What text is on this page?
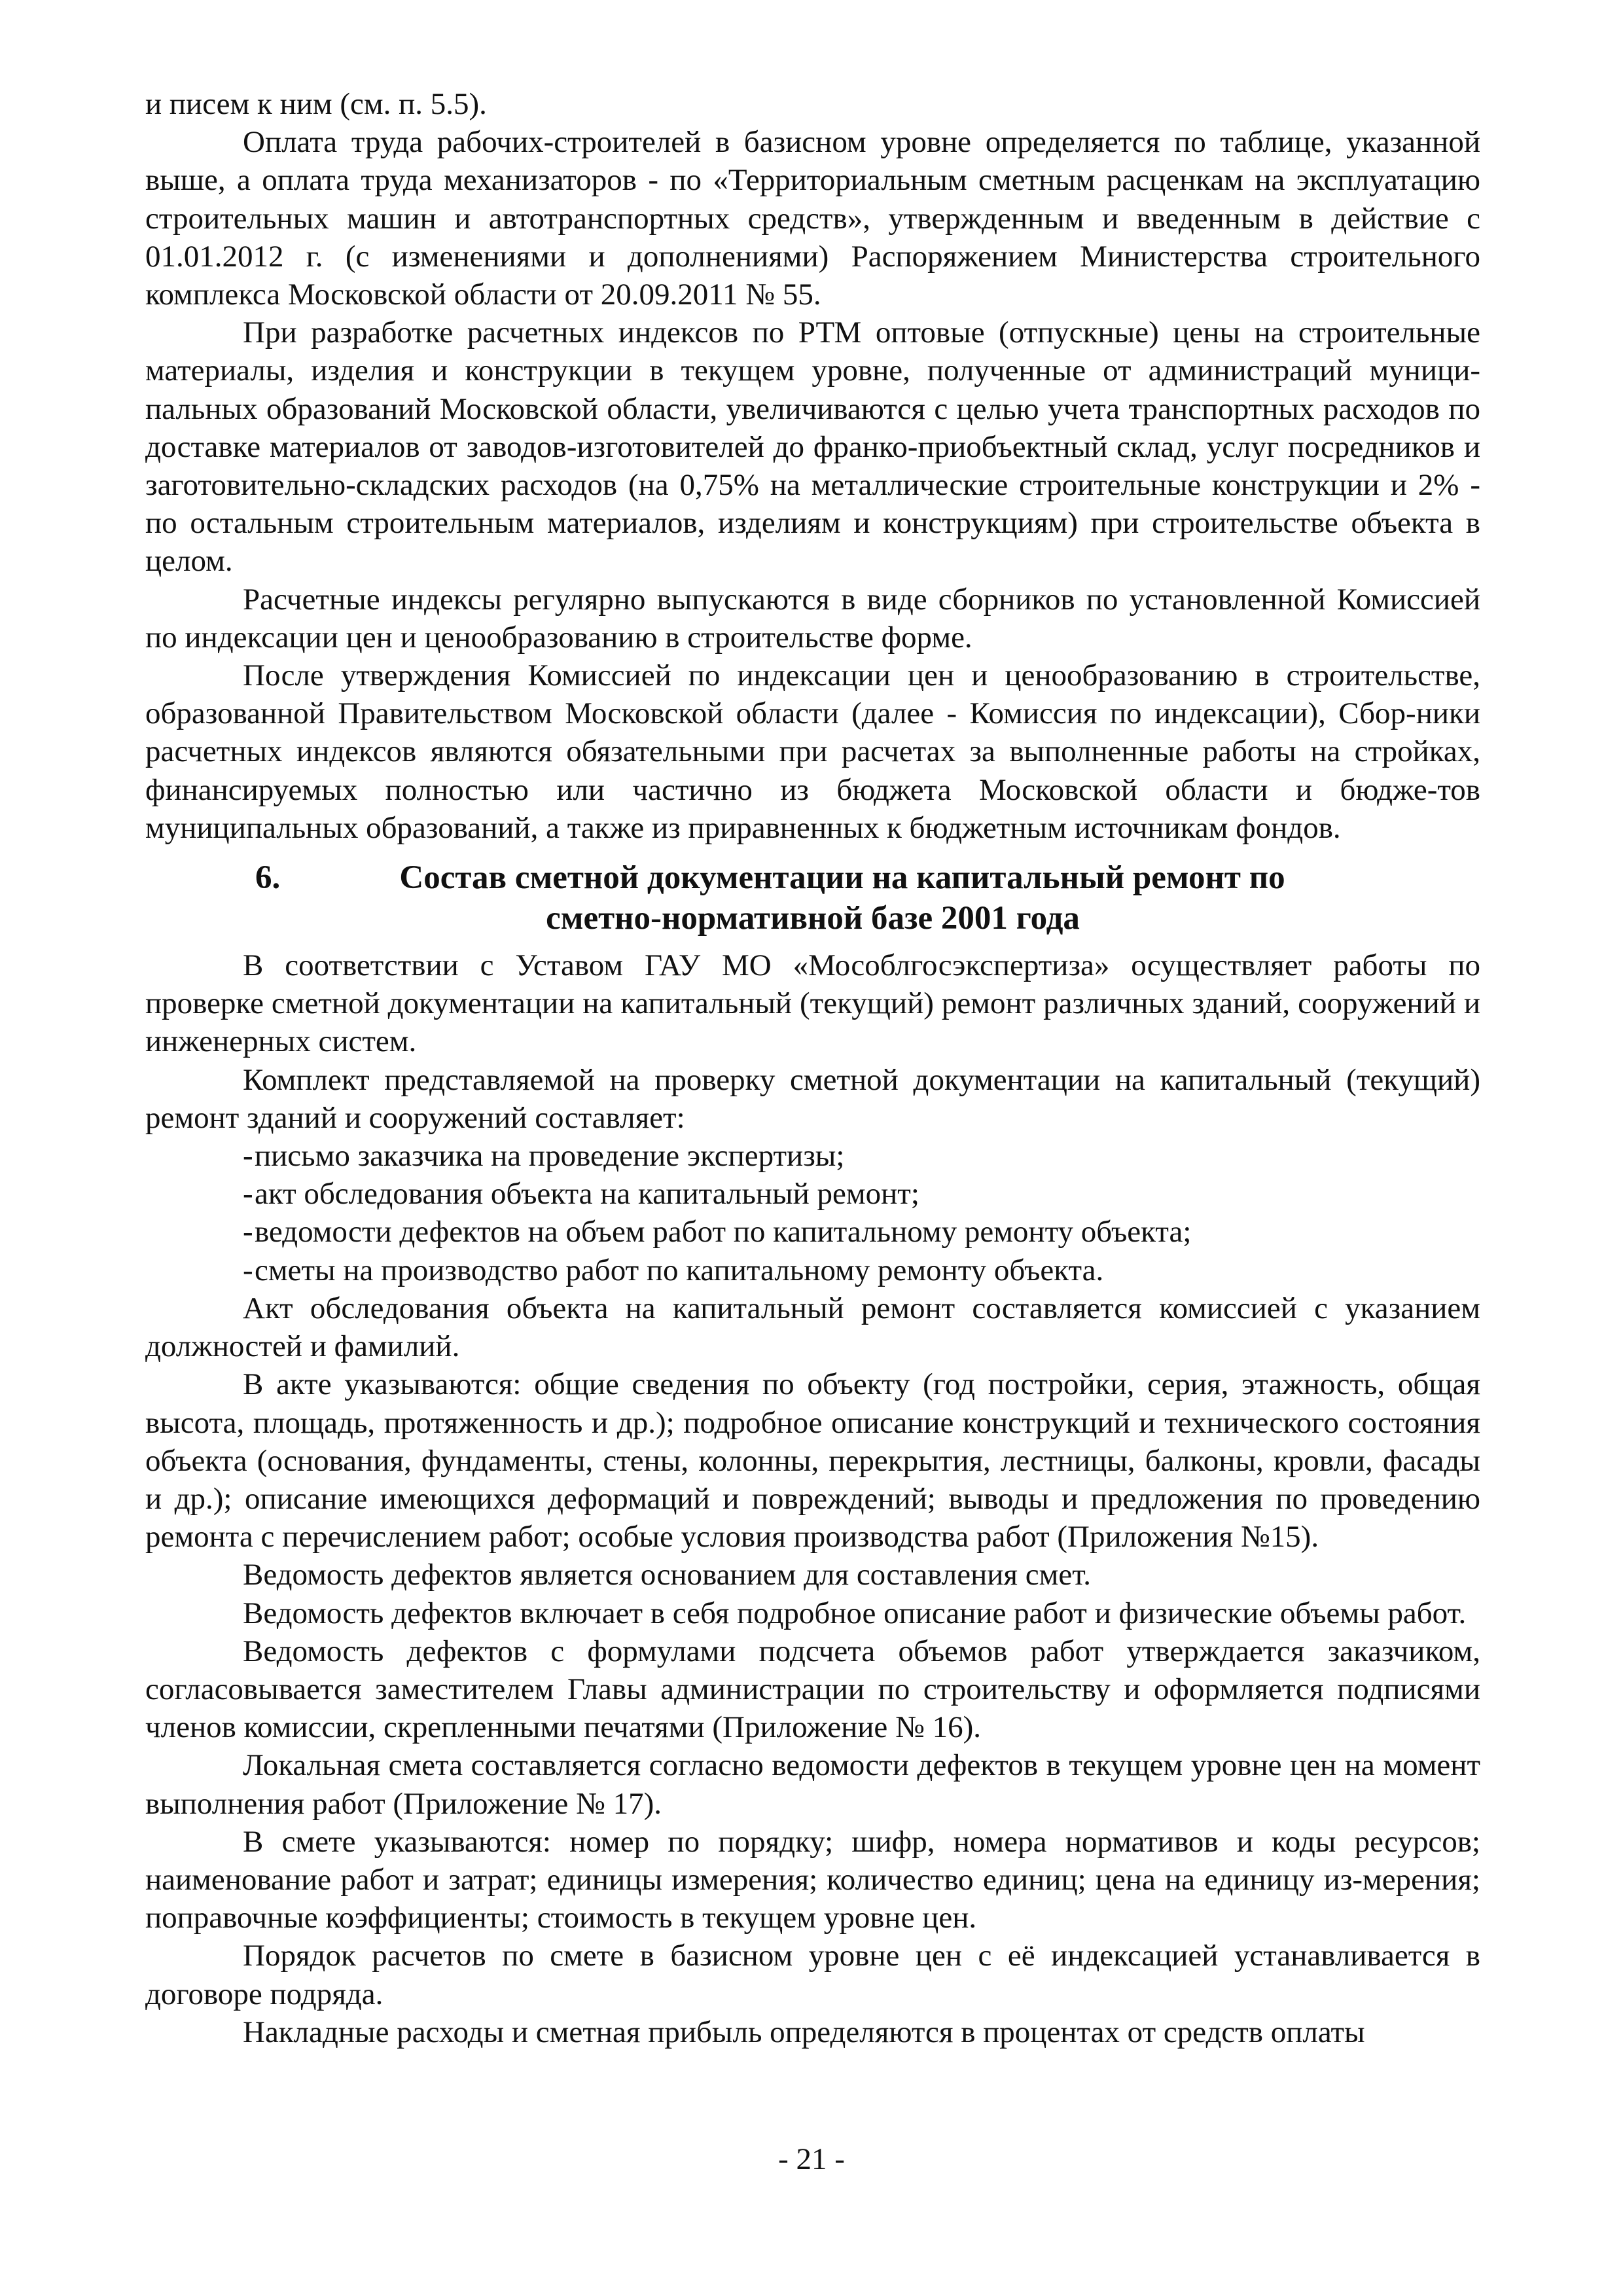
и писем к ним (см. п. 5.5).

Оплата труда рабочих-строителей в базисном уровне определяется по таблице, указанной выше, а оплата труда механизаторов - по «Территориальным сметным расценкам на эксплуатацию строительных машин и автотранспортных средств», утвержденным и введенным в действие с 01.01.2012 г. (с изменениями и дополнениями) Распоряжением Министерства строительного комплекса Московской области от 20.09.2011 № 55.

При разработке расчетных индексов по РТМ оптовые (отпускные) цены на строительные материалы, изделия и конструкции в текущем уровне, полученные от администраций муници-пальных образований Московской области, увеличиваются с целью учета транспортных расходов по доставке материалов от заводов-изготовителей до франко-приобъектный склад, услуг посредников и заготовительно-складских расходов (на 0,75% на металлические строительные конструкции и 2% - по остальным строительным материалов, изделиям и конструкциям) при строительстве объекта в целом.

Расчетные индексы регулярно выпускаются в виде сборников по установленной Комиссией по индексации цен и ценообразованию в строительстве форме.

После утверждения Комиссией по индексации цен и ценообразованию в строительстве, образованной Правительством Московской области (далее - Комиссия по индексации), Сбор-ники расчетных индексов являются обязательными при расчетах за выполненные работы на стройках, финансируемых полностью или частично из бюджета Московской области и бюдже-тов муниципальных образований, а также из приравненных к бюджетным источникам фондов.

6.	Состав сметной документации на капитальный ремонт по
сметно-нормативной базе 2001 года

В соответствии с Уставом ГАУ МО «Мособлгосэкспертиза» осуществляет работы по проверке сметной документации на капитальный (текущий) ремонт различных зданий, сооружений и инженерных систем.

Комплект представляемой на проверку сметной документации на капитальный (текущий) ремонт зданий и сооружений составляет:

-письмо заказчика на проведение экспертизы;
-акт обследования объекта на капитальный ремонт;
-ведомости дефектов на объем работ по капитальному ремонту объекта;
-сметы на производство работ по капитальному ремонту объекта.

Акт обследования объекта на капитальный ремонт составляется комиссией с указанием должностей и фамилий.

В акте указываются: общие сведения по объекту (год постройки, серия, этажность, общая высота, площадь, протяженность и др.); подробное описание конструкций и технического состояния объекта (основания, фундаменты, стены, колонны, перекрытия, лестницы, балконы, кровли, фасады и др.); описание имеющихся деформаций и повреждений; выводы и предложения по проведению ремонта с перечислением работ; особые условия производства работ (Приложения №15).

Ведомость дефектов является основанием для составления смет.

Ведомость дефектов включает в себя подробное описание работ и физические объемы работ.

Ведомость дефектов с формулами подсчета объемов работ утверждается заказчиком, согласовывается заместителем Главы администрации по строительству и оформляется подписями членов комиссии, скрепленными печатями (Приложение № 16).

Локальная смета составляется согласно ведомости дефектов в текущем уровне цен на момент выполнения работ (Приложение № 17).

В смете указываются: номер по порядку; шифр, номера нормативов и коды ресурсов; наименование работ и затрат; единицы измерения; количество единиц; цена на единицу из-мерения; поправочные коэффициенты; стоимость в текущем уровне цен.

Порядок расчетов по смете в базисном уровне цен с её индексацией устанавливается в договоре подряда.

Накладные расходы и сметная прибыль определяются в процентах от средств оплаты

- 21 -
